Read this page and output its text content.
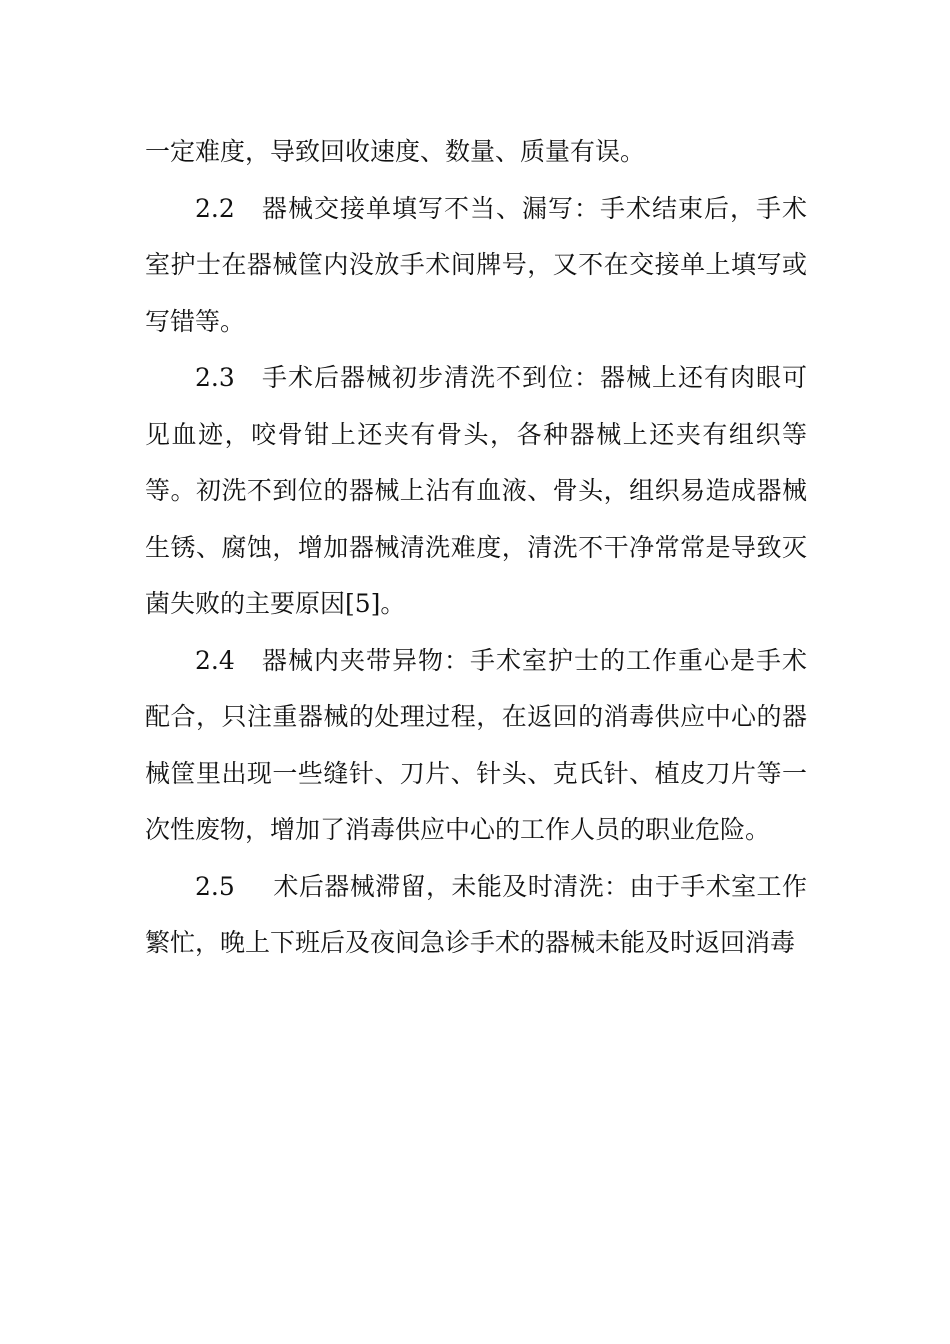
一定难度，导致回收速度、数量、质量有误。

2.2 器械交接单填写不当、漏写：手术结束后，手术室护士在器械筐内没放手术间牌号，又不在交接单上填写或写错等。

2.3 手术后器械初步清洗不到位：器械上还有肉眼可见血迹，咬骨钳上还夹有骨头，各种器械上还夹有组织等等。初洗不到位的器械上沾有血液、骨头，组织易造成器械生锈、腐蚀，增加器械清洗难度，清洗不干净常常是导致灭菌失败的主要原因[5]。

2.4 器械内夹带异物：手术室护士的工作重心是手术配合，只注重器械的处理过程，在返回的消毒供应中心的器械筐里出现一些缝针、刀片、针头、克氏针、植皮刀片等一次性废物，增加了消毒供应中心的工作人员的职业危险。

2.5 术后器械滞留，未能及时清洗：由于手术室工作繁忙，晚上下班后及夜间急诊手术的器械未能及时返回消毒
